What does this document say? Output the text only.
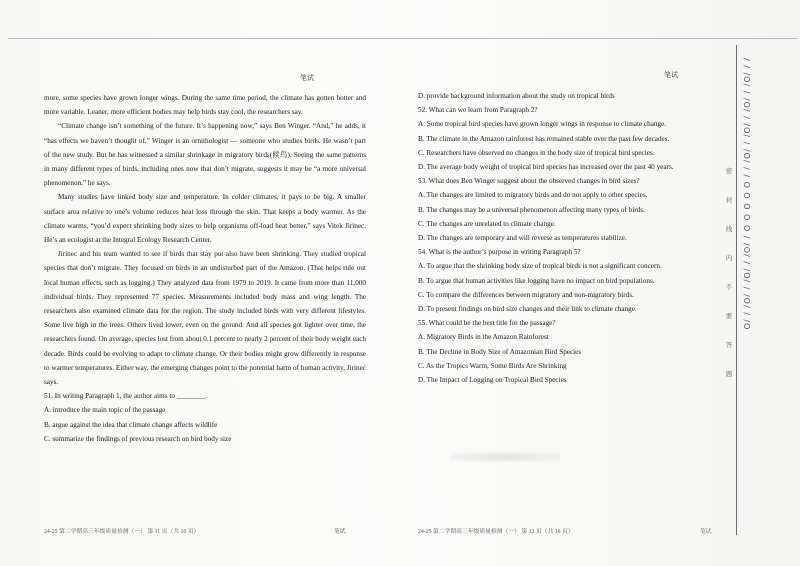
笔试	笔试

more, some species have grown longer wings. During the same time period, the climate has gotten hotter and more variable. Leaner, more efficient bodies may help birds stay cool, the researchers say.

“Climate change isn’t something of the future. It’s happening now,” says Ben Winger. “And,” he adds, it “has effects we haven’t thought of.” Winger is an ornithologist — someone who studies birds. He wasn’t part of the new study. But he has witnessed a similar shrinkage in migratory birds(候鸟). Seeing the same patterns in many different types of birds, including ones now that don’t migrate, suggests it may be “a more universal phenomenon,” he says.

Many studies have linked body size and temperature. In colder climates, it pays to be big. A smaller surface area relative to one’s volume reduces heat loss through the skin. That keeps a body warmer. As the climate warms, “you’d expect shrinking body sizes to help organisms off-load heat better,” says Vitek Jirinec. He’s an ecologist at the Integral Ecology Research Center.

Jirinec and his team wanted to see if birds that stay put also have been shrinking. They studied tropical species that don’t migrate. They focused on birds in an undisturbed part of the Amazon. (That helps rule out local human effects, such as logging.) They analyzed data from 1979 to 2019. It came from more than 11,000 individual birds. They represented 77 species. Measurements included body mass and wing length. The researchers also examined climate data for the region. The study included birds with very different lifestyles. Some live high in the trees. Others lived lower, even on the ground. And all species got lighter over time, the researchers found. On average, species lost from about 0.1 percent to nearly 2 percent of their body weight each decade. Birds could be evolving to adapt to climate change. Or their bodies might grow differently in response to warmer temperatures. Either way, the emerging changes point to the potential harm of human activity, Jirinec says.

51. In writing Paragraph 1, the author aims to ________.

A. introduce the main topic of the passage

B. argue against the idea that climate change affects wildlife

C. summarize the findings of previous research on bird body size

24-25 第二学期高三年级质量检测（一） 第 11 页（共 16 页）	笔试

D. provide background information about the study on tropical birds

52. What can we learn from Paragraph 2?

A. Some tropical bird species have grown longer wings in response to climate change.

B. The climate in the Amazon rainforest has remained stable over the past few decades.

C. Researchers have observed no changes in the body size of tropical bird species.

D. The average body weight of tropical bird species has increased over the past 40 years.

53. What does Ben Winger suggest about the observed changes in bird sizes?

A. The changes are limited to migratory birds and do not apply to other species.

B. The changes may be a universal phenomenon affecting many types of birds.

C. The changes are unrelated to climate change.

D. The changes are temporary and will reverse as temperatures stabilize.

54. What is the author’s purpose in writing Paragraph 5?

A. To argue that the shrinking body size of tropical birds is not a significant concern.

B. To argue that human activities like logging have no impact on bird populations.

C. To compare the differences between migratory and non-migratory birds.

D. To present findings on bird size changes and their link to climate change.

55. What could be the best title for the passage?

A. Migratory Birds in the Amazon Rainforest

B. The Decline in Body Size of Amazonian Bird Species

C. As the Tropics Warm, Some Birds Are Shrinking

D. The Impact of Logging on Tropical Bird Species

24-25 第二学期高三年级质量检测（一） 第 12 页（共 16 页）	笔试
/ / /O/ / /O/ / /O/ / /O/ / / O O O O O / /O/ / /O/ / /O/ / /O
密
封
线
内
不
要
答
题
